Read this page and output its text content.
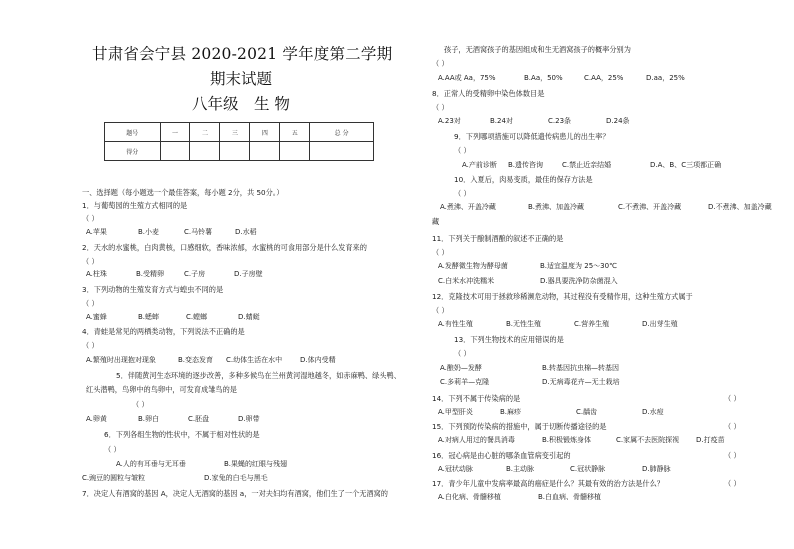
甘肃省会宁县 2020-2021 学年度第二学期
期末试题
八年级 生 物
题号	一	二	三	四	五	总 分
得分						
一、选择题（每小题选一个最佳答案，每小题 2分，共 50分。）
1．与葡萄园的生殖方式相同的是
（ ）
A.苹果	B.小麦	C.马铃薯	D.水稻
2．天水的水蜜桃，白肉黄核，口感细软，香味浓郁，水蜜桃的可食用部分是什么发育来的
（ ）
A.柱珠	B.受精卵	C.子房	D.子房壁
3．下列动物的生殖发育方式与蝗虫不同的是
（ ）
A.蜜蜂	B.蟋蟀	C.螳螂	D.蜻蜓
4．青蛙是常见的两栖类动物，下列说法不正确的是
（ ）
A.繁殖时出现抱对现象	B.变态发育 C.幼体生活在水中	D.体内受精
5．伴随黄河生态环境的逐步改善，多种多候鸟在兰州黄河湿地越冬，如赤麻鸭、绿头鸭、
红头潜鸭，鸟卵中的鸟卵中，可发育成雏鸟的是
（ ）
A.卵黄	B.卵白	C.胚盘	D.卵带
6．下列各组生物的性状中，不属于相对性状的是
（ ）
A.人的有耳垂与无耳垂	B.果蝇的红眼与残翅
C.豌豆的圆粒与皱粒	D.家兔的白毛与黑毛
7．决定人有酒窝的基因 A，决定人无酒窝的基因 a，一对夫妇均有酒窝，他们生了一个无酒窝的
孩子，无酒窝孩子的基因组成和生无酒窝孩子的概率分别为
（ ）
A.AA或 Aa，75%	B.Aa，50%	C.AA，25%	D.aa，25%
8．正常人的受精卵中染色体数目是
（ ）
A.23对	B.24对	C.23条	D.24条
9．下列哪项措施可以降低遗传病患儿的出生率？
（ ）
A.产前诊断 B.遗传咨询	C.禁止近亲结婚	D.A、B、C三项都正确
10．入夏后，肉易变质，最佳的保存方法是
（ ）
A.煮沸、开盖冷藏	B.煮沸、加盖冷藏	C.不煮沸、开盖冷藏	D.不煮沸、加盖冷藏
藏
11．下列关于酿制酒酿的叙述不正确的是
（ ）
A.发酵微生物为酵母菌	B.适宜温度为 25～30℃
C.白米水冲洗糯米	D.器具要洗净防杂菌混入
12．克隆技术可用于拯救珍稀濒危动物，其过程没有受精作用，这种生殖方式属于
（ ）
A.有性生殖	B.无性生殖	C.营养生殖	D.出芽生殖
13．下列生物技术的应用错误的是
（ ）
A.酿奶—发酵	B.转基因抗虫棉—转基因
C.多莉羊—克隆	D.无病毒花卉—无土栽培
14．下列不属于传染病的是	（ ）
A.甲型肝炎	B.麻疹	C.龋齿	D.水痘
15．下列预防传染病的措施中，属于切断传播途径的是	（ ）
A.对病人用过的餐具消毒	B.积极锻炼身体	C.家属不去医院探视 D.打疫苗
16．冠心病是由心脏的哪条血管病变引起的	（ ）
A.冠状动脉	B.主动脉	C.冠状静脉	D.肺静脉
17．青少年儿童中发病率最高的癌症是什么？其最有效的治方法是什么？	（ ）
A.白化病、骨髓移植	B.白血病、骨髓移植
